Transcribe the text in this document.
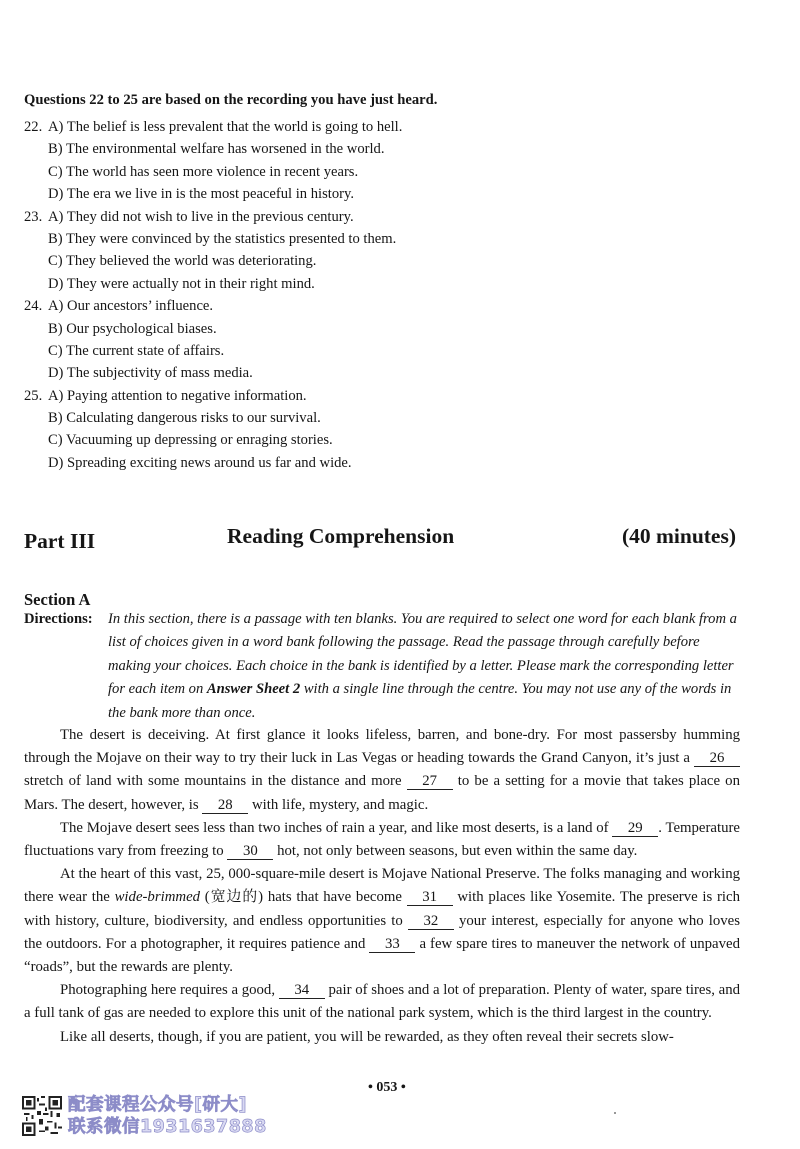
Questions 22 to 25 are based on the recording you have just heard.
22. A) The belief is less prevalent that the world is going to hell.
B) The environmental welfare has worsened in the world.
C) The world has seen more violence in recent years.
D) The era we live in is the most peaceful in history.
23. A) They did not wish to live in the previous century.
B) They were convinced by the statistics presented to them.
C) They believed the world was deteriorating.
D) They were actually not in their right mind.
24. A) Our ancestors’ influence.
B) Our psychological biases.
C) The current state of affairs.
D) The subjectivity of mass media.
25. A) Paying attention to negative information.
B) Calculating dangerous risks to our survival.
C) Vacuuming up depressing or enraging stories.
D) Spreading exciting news around us far and wide.
Part III	Reading Comprehension	(40 minutes)
Section A
Directions: In this section, there is a passage with ten blanks. You are required to select one word for each blank from a list of choices given in a word bank following the passage. Read the passage through carefully before making your choices. Each choice in the bank is identified by a letter. Please mark the corresponding letter for each item on Answer Sheet 2 with a single line through the centre. You may not use any of the words in the bank more than once.

The desert is deceiving. At first glance it looks lifeless, barren, and bone-dry. For most passersby humming through the Mojave on their way to try their luck in Las Vegas or heading towards the Grand Canyon, it’s just a 26 stretch of land with some mountains in the distance and more 27 to be a setting for a movie that takes place on Mars. The desert, however, is 28 with life, mystery, and magic.

The Mojave desert sees less than two inches of rain a year, and like most deserts, is a land of 29 . Temperature fluctuations vary from freezing to 30 hot, not only between seasons, but even within the same day.

At the heart of this vast, 25, 000-square-mile desert is Mojave National Preserve. The folks managing and working there wear the wide-brimmed (宽边的) hats that have become 31 with places like Yosemite. The preserve is rich with history, culture, biodiversity, and endless opportunities to 32 your interest, especially for anyone who loves the outdoors. For a photographer, it requires patience and 33 a few spare tires to maneuver the network of unpaved “roads”, but the rewards are plenty.

Photographing here requires a good, 34 pair of shoes and a lot of preparation. Plenty of water, spare tires, and a full tank of gas are needed to explore this unit of the national park system, which is the third largest in the country.

Like all deserts, though, if you are patient, you will be rewarded, as they often reveal their secrets slow-

• 053 •
配套课程公众号[研大]
联系微信1931637888
